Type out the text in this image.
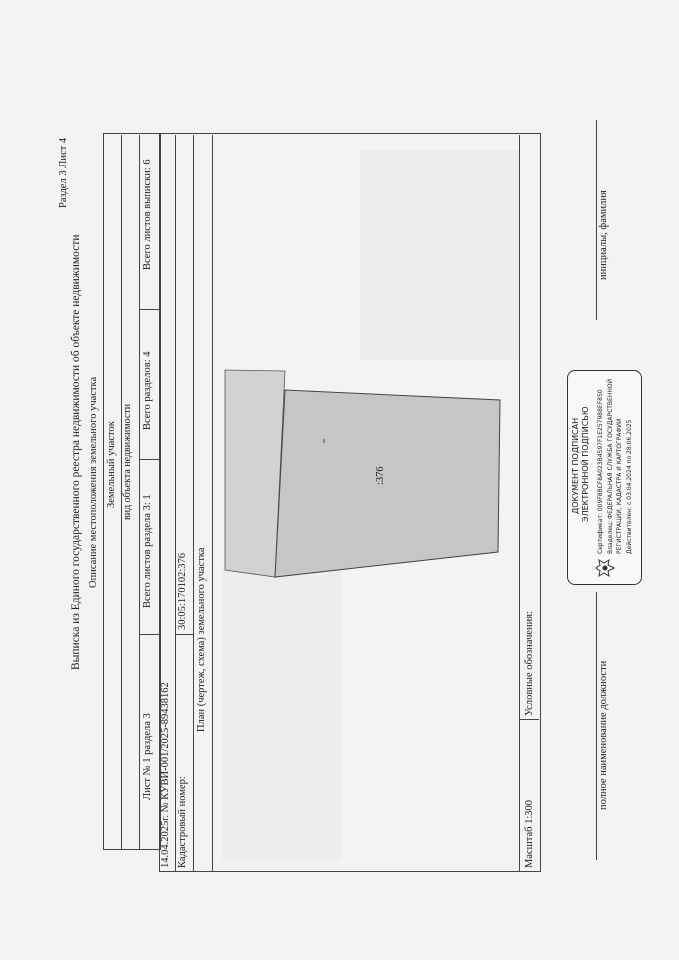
Раздел 3 Лист 4
Выписка из Единого государственного реестра недвижимости об объекте недвижимости Описание местоположения земельного участка Земельный участок вид объекта недвижимости
Лист № 1 раздела 3
Всего листов раздела 3: 1
Всего разделов: 4
Всего листов выписки: 6
14.04.2025г. № КУВИ-001/2025-89438162 Кадастровый номер:
30:05:170102:376 План (чертеж, схема) земельного участка
:376
Масштаб 1:300
Условные обозначения:	полное наименование должности
инициалы, фамилия
ДОКУМЕНТ ПОДПИСАН ЭЛЕКТРОННОЙ ПОДПИСЬЮ Сертификат: 009F8BCF8A023B4597F1E257988EF850 Владелец: ФЕДЕРАЛЬНАЯ СЛУЖБА ГОСУДАРСТВЕННОЙ РЕГИСТРАЦИИ, КАДАСТРА И КАРТОГРАФИИ Действителен: с 03.04.2024 по 28.06.2025
